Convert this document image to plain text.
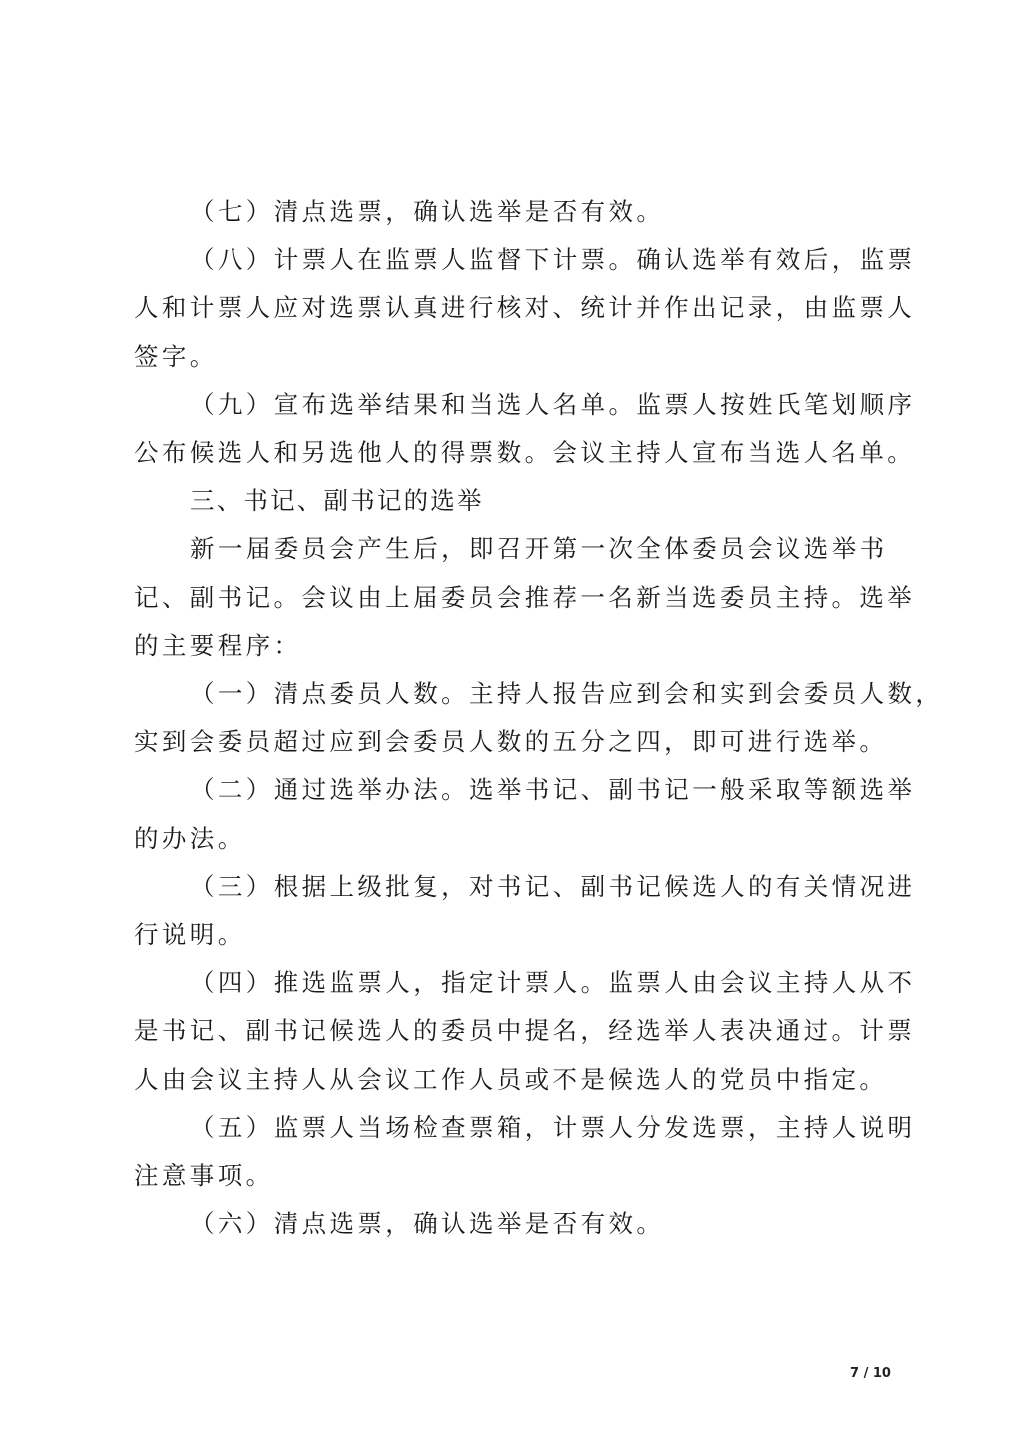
（七）清点选票，确认选举是否有效。
（八）计票人在监票人监督下计票。确认选举有效后，监票
人和计票人应对选票认真进行核对、统计并作出记录，由监票人
签字。
（九）宣布选举结果和当选人名单。监票人按姓氏笔划顺序
公布候选人和另选他人的得票数。会议主持人宣布当选人名单。
三、书记、副书记的选举
新一届委员会产生后，即召开第一次全体委员会议选举书
记、副书记。会议由上届委员会推荐一名新当选委员主持。选举
的主要程序：
（一）清点委员人数。主持人报告应到会和实到会委员人数，
实到会委员超过应到会委员人数的五分之四，即可进行选举。
（二）通过选举办法。选举书记、副书记一般采取等额选举
的办法。
（三）根据上级批复，对书记、副书记候选人的有关情况进
行说明。
（四）推选监票人，指定计票人。监票人由会议主持人从不
是书记、副书记候选人的委员中提名，经选举人表决通过。计票
人由会议主持人从会议工作人员或不是候选人的党员中指定。
（五）监票人当场检查票箱，计票人分发选票，主持人说明
注意事项。
（六）清点选票，确认选举是否有效。
7 / 10
